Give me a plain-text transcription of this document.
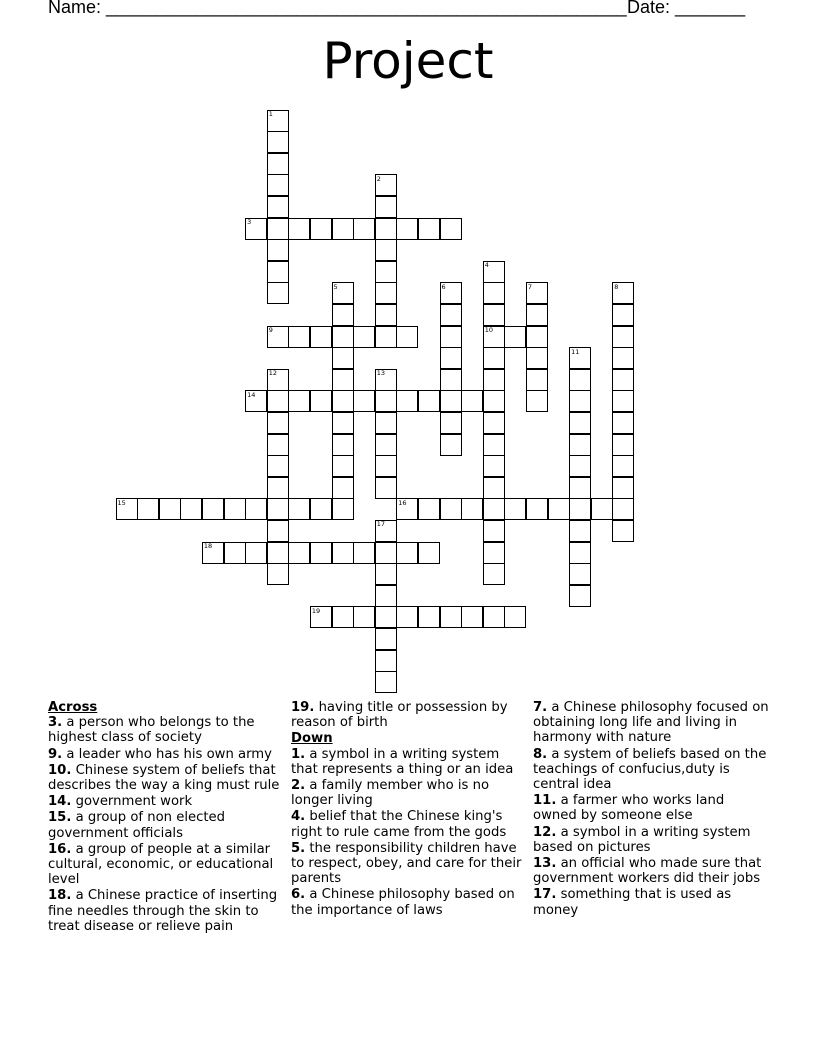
Name: ____________________________________________________ Date: _______
Project
1
2
3
4
5	6	7	8
9	10
11
12	13
14
15	16
17
18
19
Across
3. a person who belongs to the highest class of society
9. a leader who has his own army
10. Chinese system of beliefs that describes the way a king must rule
14. government work
15. a group of non elected government officials
16. a group of people at a similar cultural, economic, or educational level
18. a Chinese practice of inserting fine needles through the skin to treat disease or relieve pain
19. having title or possession by reason of birth
Down
1. a symbol in a writing system that represents a thing or an idea
2. a family member who is no longer living
4. belief that the Chinese king's right to rule came from the gods
5. the responsibility children have to respect, obey, and care for their parents
6. a Chinese philosophy based on the importance of laws
7. a Chinese philosophy focused on obtaining long life and living in harmony with nature
8. a system of beliefs based on the teachings of confucius,duty is central idea
11. a farmer who works land owned by someone else
12. a symbol in a writing system based on pictures
13. an official who made sure that government workers did their jobs
17. something that is used as money
